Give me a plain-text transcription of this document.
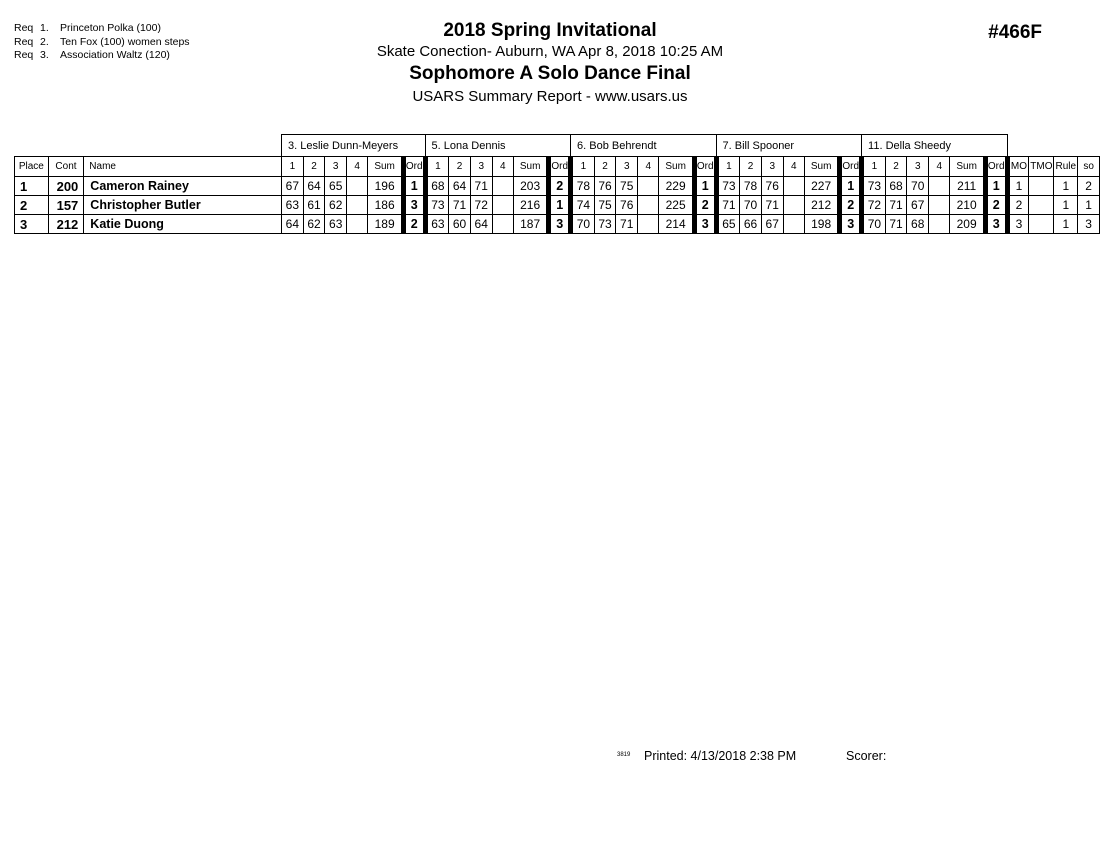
Req 1. Princeton Polka (100)
Req 2. Ten Fox (100) women steps
Req 3. Association Waltz (120)
2018 Spring Invitational
Skate Conection- Auburn, WA Apr 8, 2018 10:25 AM
Sophomore A Solo Dance Final
USARS Summary Report - www.usars.us
#466F
			3. Leslie Dunn-Meyers						5. Lona Dennis						6. Bob Behrendt						7. Bill Spooner						11. Della Sheedy									
Place	Cont	Name	1	2	3	4	Sum	Ord	1	2	3	4	Sum	Ord	1	2	3	4	Sum	Ord	1	2	3	4	Sum	Ord	1	2	3	4	Sum	Ord	MO	TMO	Rule	so
1	200	Cameron Rainey	67	64	65		196	1	68	64	71		203	2	78	76	75		229	1	73	78	76		227	1	73	68	70		211	1	1		1	2
2	157	Christopher Butler	63	61	62		186	3	73	71	72		216	1	74	75	76		225	2	71	70	71		212	2	72	71	67		210	2	2		1	1
3	212	Katie Duong	64	62	63		189	2	63	60	64		187	3	70	73	71		214	3	65	66	67		198	3	70	71	68		209	3	3		1	3
3819 Printed: 4/13/2018 2:38 PM	Scorer:
